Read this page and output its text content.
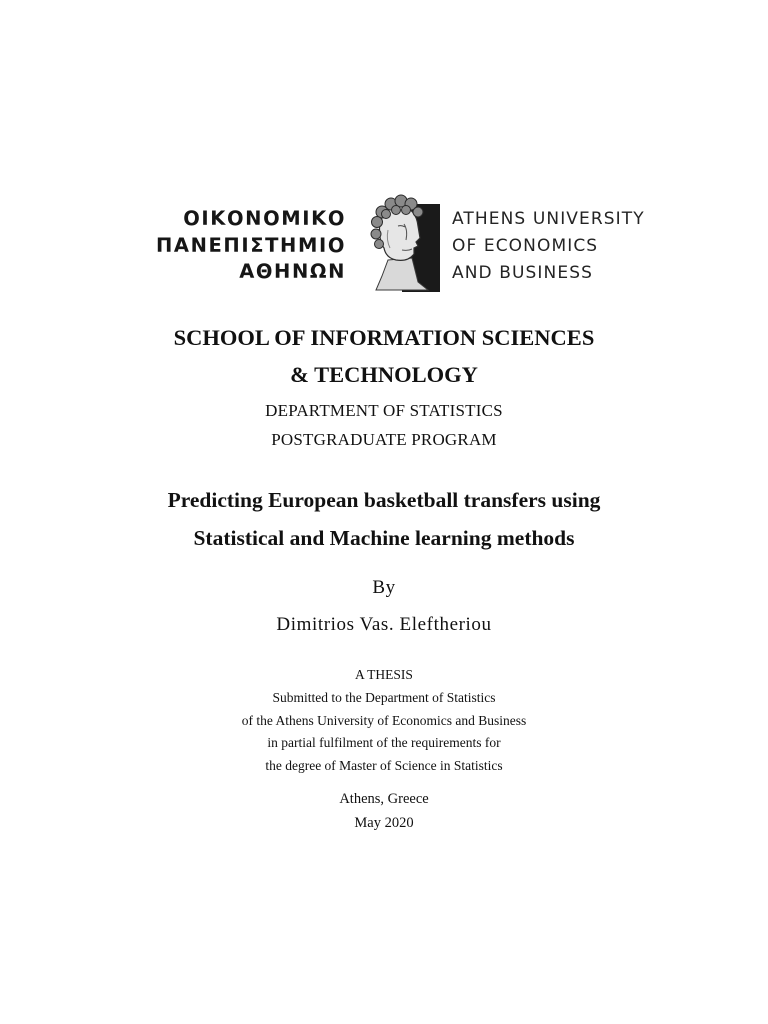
ΟΙΚΟΝΟΜΙΚΟ
ΠΑΝΕΠΙΣΤΗΜΙΟ
ΑΘΗΝΩΝ
ATHENS UNIVERSITY
OF ECONOMICS
AND BUSINESS
SCHOOL OF INFORMATION SCIENCES
& TECHNOLOGY
DEPARTMENT OF STATISTICS
POSTGRADUATE PROGRAM
Predicting European basketball transfers using
Statistical and Machine learning methods
By
Dimitrios Vas. Eleftheriou
A THESIS
Submitted to the Department of Statistics
of the Athens University of Economics and Business
in partial fulfilment of the requirements for
the degree of Master of Science in Statistics
Athens, Greece
May 2020
